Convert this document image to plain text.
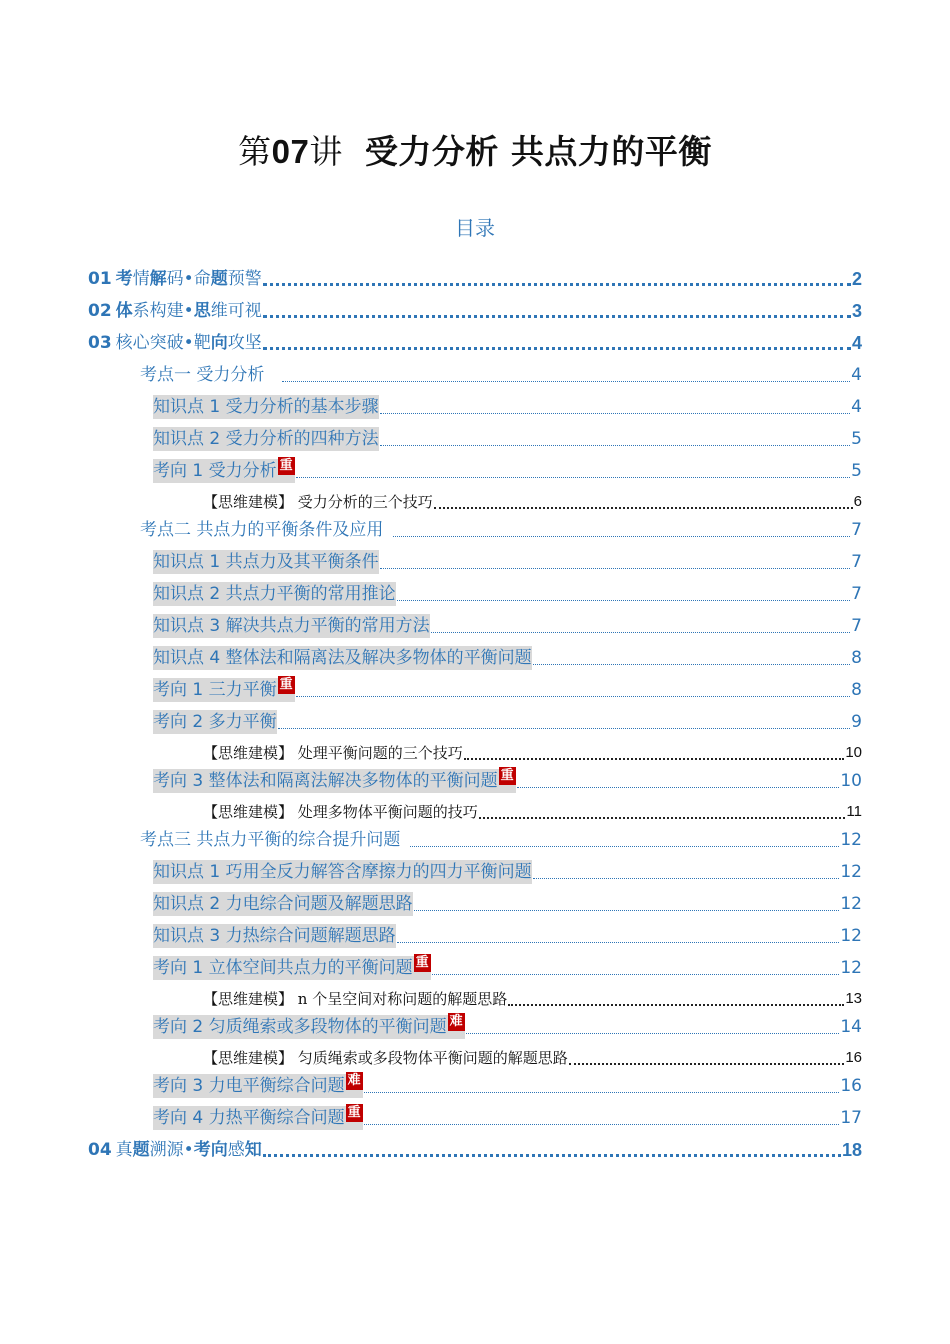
第07讲 受力分析 共点力的平衡
目录
01 考 情 解 码•命 题 预警	2
02 体 系构建• 思 维可视	3
03 核心突破•靶 向 攻坚	4
考点一 受力分析	4
知识点 1 受力分析的基本步骤	4
知识点 2 受力分析的四种方法	5
考向 1 受力分析 重	5
【思维建模】 受力分析的三个技巧	6
考点二 共点力的平衡条件及应用	7
知识点 1 共点力及其平衡条件	7
知识点 2 共点力平衡的常用推论	7
知识点 3 解决共点力平衡的常用方法	7
知识点 4 整体法和隔离法及解决多物体的平衡问题	8
考向 1 三力平衡 重	8
考向 2 多力平衡	9
【思维建模】 处理平衡问题的三个技巧	10
考向 3 整体法和隔离法解决多物体的平衡问题 重	10
【思维建模】 处理多物体平衡问题的技巧	11
考点三 共点力平衡的综合提升问题	12
知识点 1 巧用全反力解答含摩擦力的四力平衡问题	12
知识点 2 力电综合问题及解题思路	12
知识点 3 力热综合问题解题思路	12
考向 1 立体空间共点力的平衡问题 重	12
【思维建模】 n 个呈空间对称问题的解题思路	13
考向 2 匀质绳索或多段物体的平衡问题 难	14
【思维建模】 匀质绳索或多段物体平衡问题的解题思路	16
考向 3 力电平衡综合问题 难	16
考向 4 力热平衡综合问题 重	17
04 真 题 溯源• 考向 感 知	18
